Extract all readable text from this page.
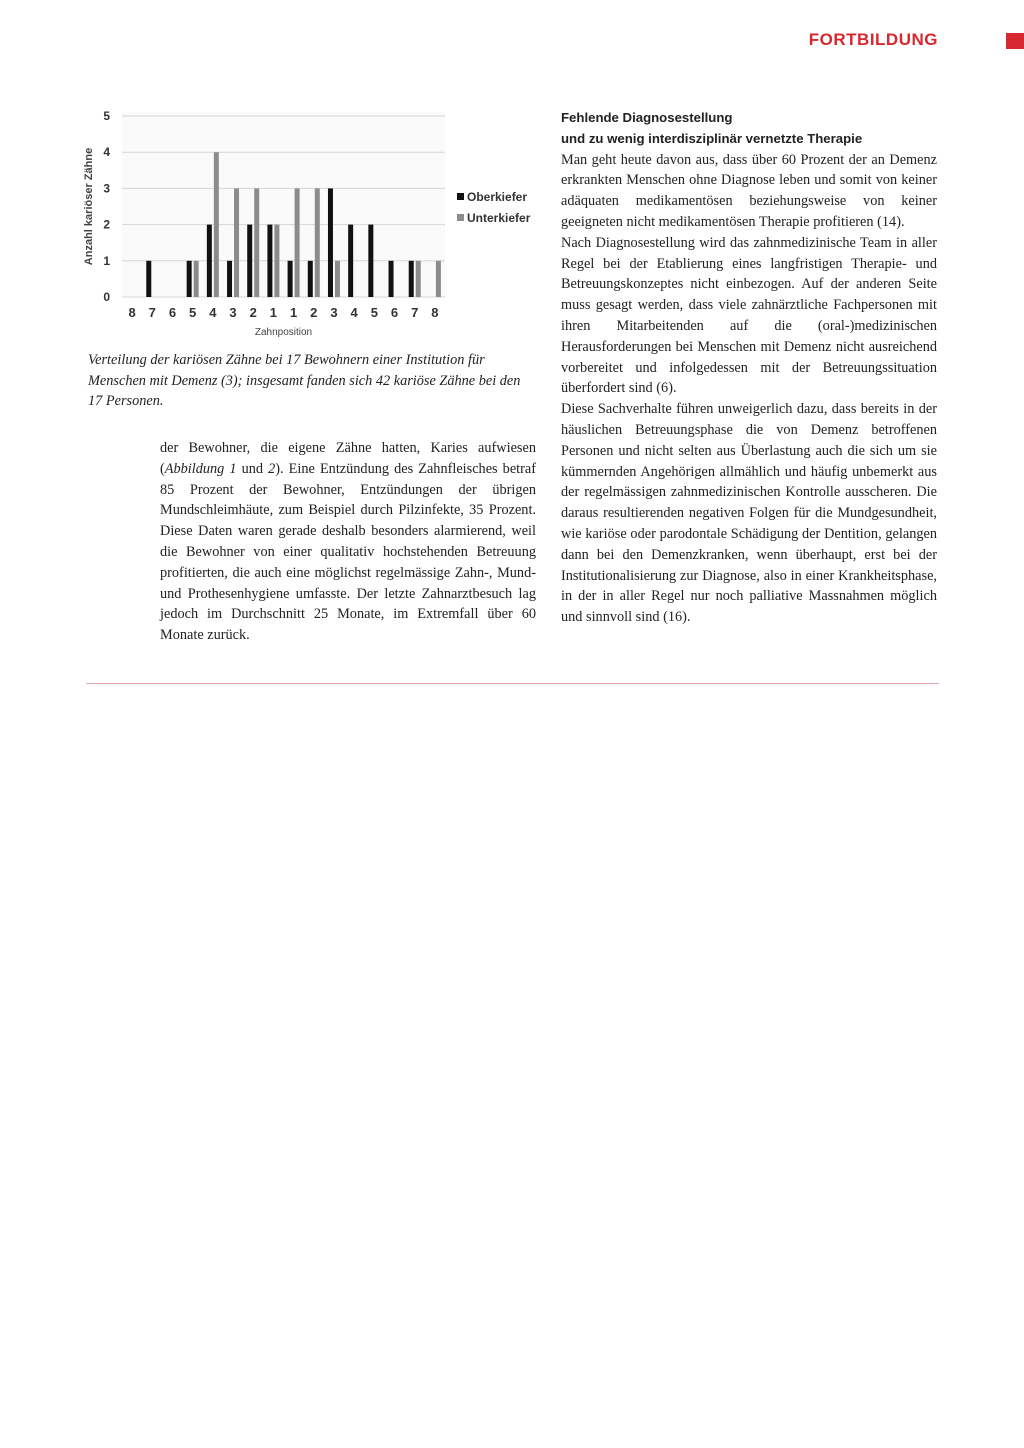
FORTBILDUNG
0
1
2
3
4
5
8 7 6 5 4 3 2 1 1 2 3 4 5 6 7 8
Zahnposition
Anzahl kariöser Zähne	Oberkiefer
Unterkiefer
Verteilung der kariösen Zähne bei 17 Bewohnern einer Institution für Menschen mit Demenz (3); insgesamt fanden sich 42 kariöse Zähne bei den 17 Personen.

der Bewohner, die eigene Zähne hatten, Karies aufwiesen (Abbildung 1 und 2). Eine Entzündung des Zahnfleisches betraf 85 Prozent der Bewohner, Entzündungen der übrigen Mundschleimhäute, zum Beispiel durch Pilzinfekte, 35 Prozent. Diese Daten waren gerade deshalb besonders alarmierend, weil die Bewohner von einer qualitativ hochstehenden Betreuung profitierten, die auch eine möglichst regelmässige Zahn-, Mund- und Prothesenhygiene umfasste. Der letzte Zahnarztbesuch lag jedoch im Durchschnitt 25 Monate, im Extremfall über 60 Monate zurück.

Fehlende Diagnosestellung
und zu wenig interdisziplinär vernetzte Therapie

Man geht heute davon aus, dass über 60 Prozent der an Demenz erkrankten Menschen ohne Diagnose leben und somit von keiner adäquaten medikamentösen beziehungsweise von keiner geeigneten nicht medikamentösen Therapie profitieren (14).

Nach Diagnosestellung wird das zahnmedizinische Team in aller Regel bei der Etablierung eines langfristigen Therapie- und Betreuungskonzeptes nicht einbezogen. Auf der anderen Seite muss gesagt werden, dass viele zahnärztliche Fachpersonen mit ihren Mitarbeitenden auf die (oral-)medizinischen Herausforderungen bei Menschen mit Demenz nicht ausreichend vorbereitet und infolgedessen mit der Betreuungssituation überfordert sind (6).

Diese Sachverhalte führen unweigerlich dazu, dass bereits in der häuslichen Betreuungsphase die von Demenz betroffenen Personen und nicht selten aus Überlastung auch die sich um sie kümmernden Angehörigen allmählich und häufig unbemerkt aus der regelmässigen zahnmedizinischen Kontrolle ausscheren. Die daraus resultierenden negativen Folgen für die Mundgesundheit, wie kariöse oder parodontale Schädigung der Dentition, gelangen dann bei den Demenzkranken, wenn überhaupt, erst bei der Institutionalisierung zur Diagnose, also in einer Krankheitsphase, in der in aller Regel nur noch palliative Massnahmen möglich und sinnvoll sind (16).
